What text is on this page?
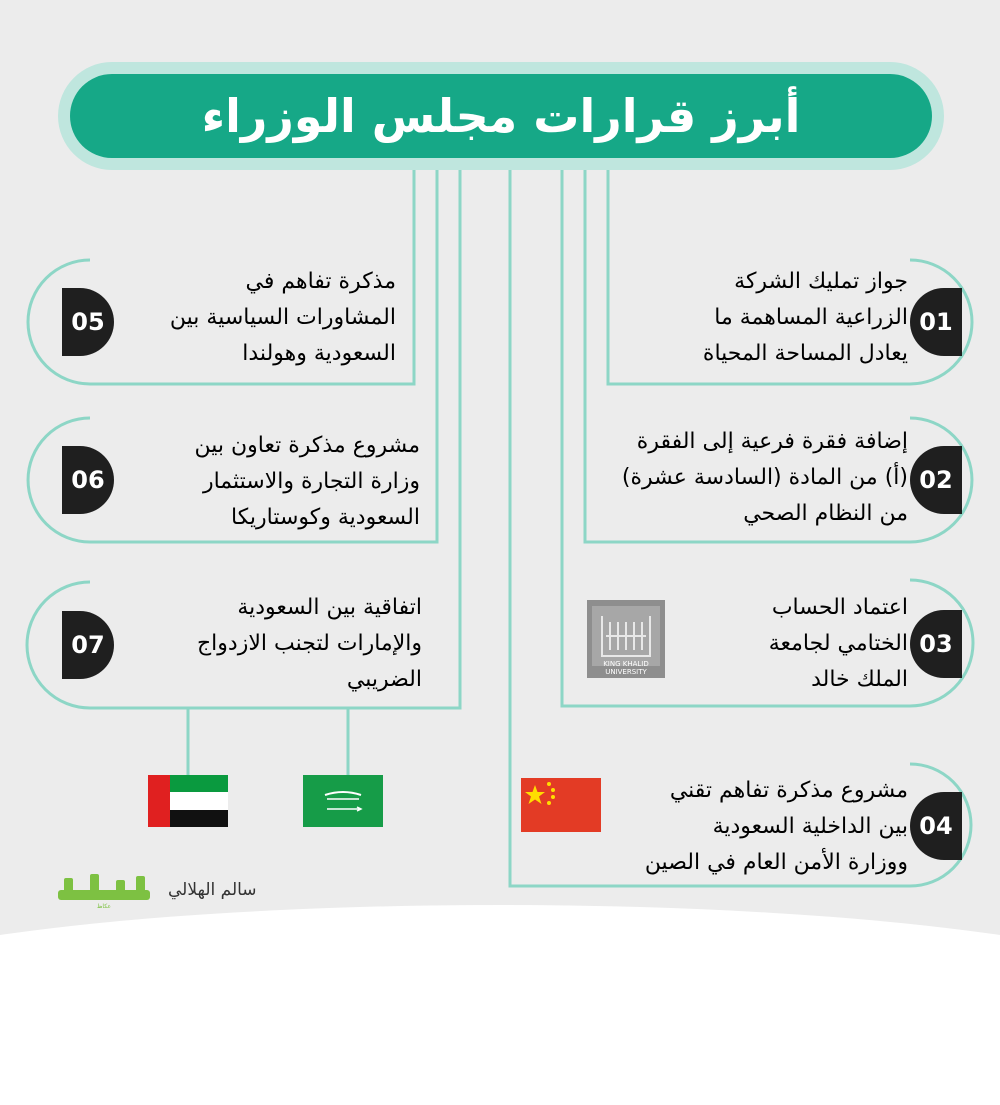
أبرز قرارات مجلس الوزراء
جواز تمليك الشركة
الزراعية المساهمة ما
يعادل المساحة المحياة
01
إضافة فقرة فرعية إلى الفقرة
(أ) من المادة (السادسة عشرة)
من النظام الصحي
02
اعتماد الحساب
الختامي لجامعة
الملك خالد
03
KING KHALID UNIVERSITY
مشروع مذكرة تفاهم تقني
بين الداخلية السعودية
ووزارة الأمن العام في الصين
04
مذكرة تفاهم في
المشاورات السياسية بين
السعودية وهولندا
05
مشروع مذكرة تعاون بين
وزارة التجارة والاستثمار
السعودية وكوستاريكا
06
اتفاقية بين السعودية
والإمارات لتجنب الازدواج
الضريبي
07
سالم الهلالي
عكاظ
